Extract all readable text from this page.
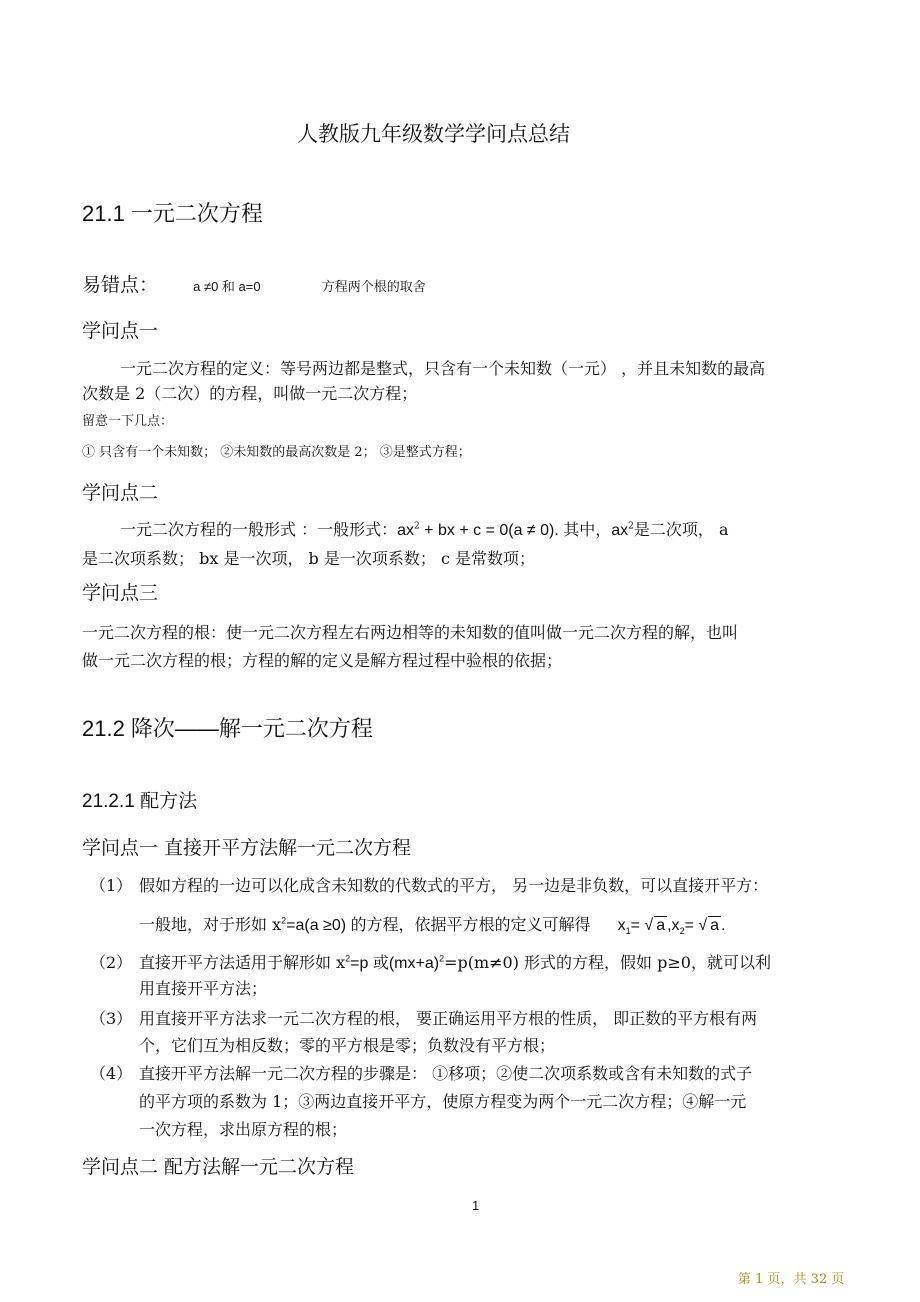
人教版九年级数学学问点总结
21.1 一元二次方程
易错点：	a ≠0 和 a=0	方程两个根的取舍
学问点一
一元二次方程的定义：等号两边都是整式，只含有一个未知数（一元） ，并且未知数的最高
次数是 2（二次）的方程，叫做一元二次方程；
留意一下几点：
① 只含有一个未知数； ②未知数的最高次数是 2； ③是整式方程；
学问点二
一元二次方程的一般形式 ：一般形式：$ax^2$ + bx + c = 0(a ≠ 0). 其中，$ax^2$是二次项， a
是二次项系数； bx 是一次项， b 是一次项系数； c 是常数项；
学问点三
一元二次方程的根：使一元二次方程左右两边相等的未知数的值叫做一元二次方程的解，也叫
做一元二次方程的根；方程的解的定义是解方程过程中验根的依据；
21.2 降次——解一元二次方程
21.2.1 配方法
学问点一 直接开平方法解一元二次方程
（1） 假如方程的一边可以化成含未知数的代数式的平方， 另一边是非负数，可以直接开平方：
一般地，对于形如 $x^2=a(a \ge 0)$ 的方程，依据平方根的定义可解得 $x_1=$ √ a $,x_2=$ √ a .
（2） 直接开平方法适用于解形如 $x^2=p$ 或$(mx+a)^2=p(m\ne 0)$ 形式的方程，假如 p≥0，就可以利
用直接开平方法；
（3） 用直接开平方法求一元二次方程的根， 要正确运用平方根的性质， 即正数的平方根有两
个，它们互为相反数；零的平方根是零；负数没有平方根；
（4） 直接开平方法解一元二次方程的步骤是： ①移项；②使二次项系数或含有未知数的式子
的平方项的系数为 1；③两边直接开平方，使原方程变为两个一元二次方程；④解一元
一次方程，求出原方程的根；
学问点二 配方法解一元二次方程
1
第 1 页，共 32 页
